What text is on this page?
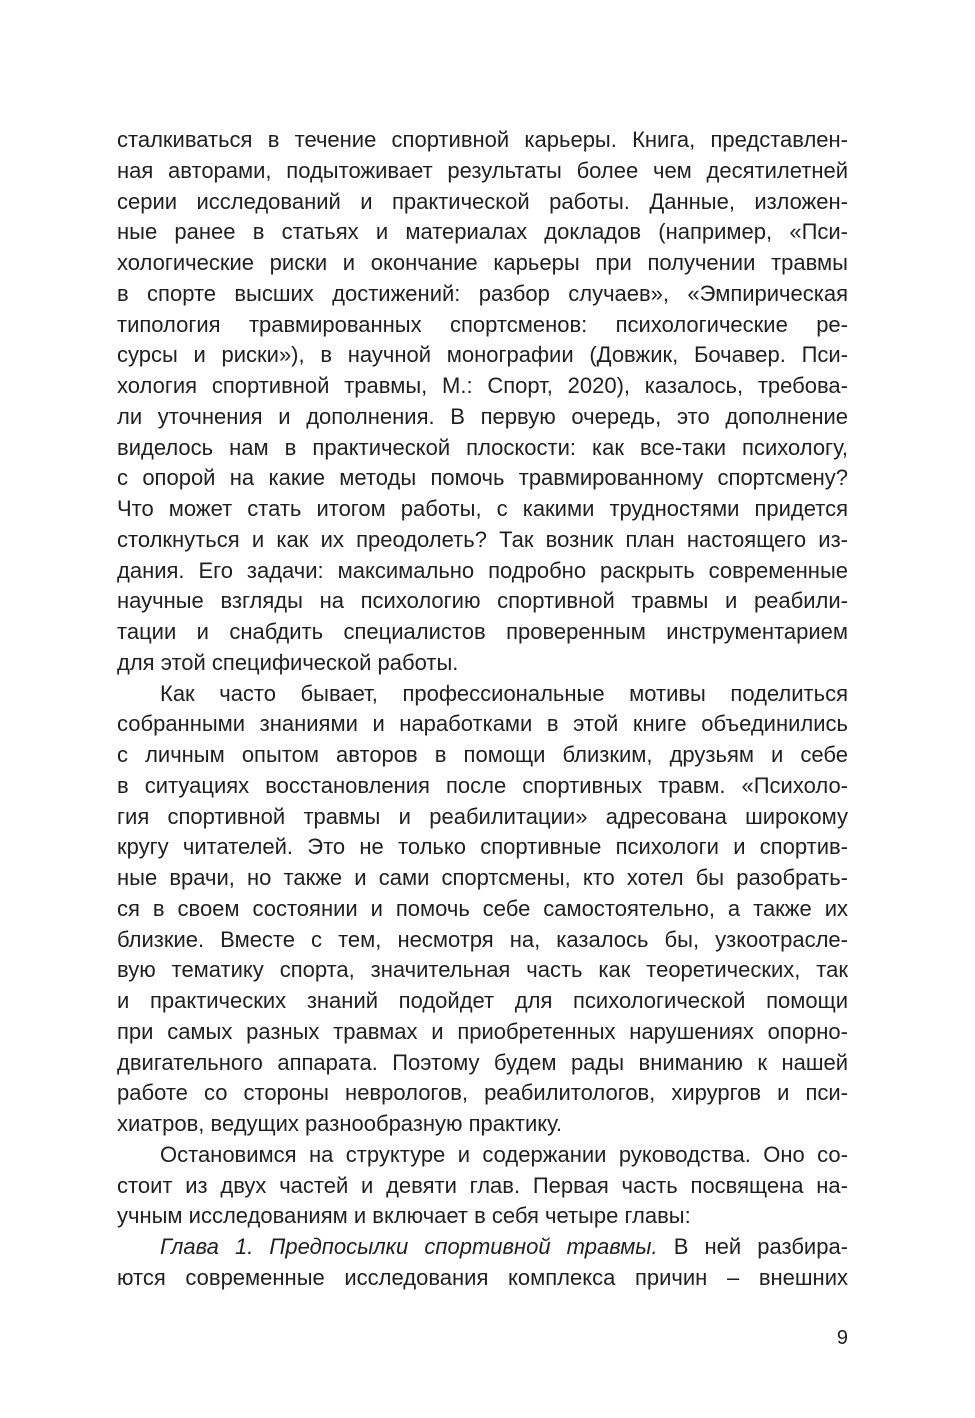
сталкиваться в течение спортивной карьеры. Книга, представлен-
ная авторами, подытоживает результаты более чем десятилетней
серии исследований и практической работы. Данные, изложен-
ные ранее в статьях и материалах докладов (например, «Пси-
хологические риски и окончание карьеры при получении травмы
в спорте высших достижений: разбор случаев», «Эмпирическая
типология травмированных спортсменов: психологические ре-
сурсы и риски»), в научной монографии (Довжик, Бочавер. Пси-
хология спортивной травмы, М.: Спорт, 2020), казалось, требова-
ли уточнения и дополнения. В первую очередь, это дополнение
виделось нам в практической плоскости: как все-таки психологу,
с опорой на какие методы помочь травмированному спортсмену?
Что может стать итогом работы, с какими трудностями придется
столкнуться и как их преодолеть? Так возник план настоящего из-
дания. Его задачи: максимально подробно раскрыть современные
научные взгляды на психологию спортивной травмы и реабили-
тации и снабдить специалистов проверенным инструментарием
для этой специфической работы.
Как часто бывает, профессиональные мотивы поделиться
собранными знаниями и наработками в этой книге объединились
с личным опытом авторов в помощи близким, друзьям и себе
в ситуациях восстановления после спортивных травм. «Психоло-
гия спортивной травмы и реабилитации» адресована широкому
кругу читателей. Это не только спортивные психологи и спортив-
ные врачи, но также и сами спортсмены, кто хотел бы разобрать-
ся в своем состоянии и помочь себе самостоятельно, а также их
близкие. Вместе с тем, несмотря на, казалось бы, узкоотрасле-
вую тематику спорта, значительная часть как теоретических, так
и практических знаний подойдет для психологической помощи
при самых разных травмах и приобретенных нарушениях опорно-
двигательного аппарата. Поэтому будем рады вниманию к нашей
работе со стороны неврологов, реабилитологов, хирургов и пси-
хиатров, ведущих разнообразную практику.
Остановимся на структуре и содержании руководства. Оно со-
стоит из двух частей и девяти глав. Первая часть посвящена на-
учным исследованиям и включает в себя четыре главы:
Глава 1. Предпосылки спортивной травмы. В ней разбира-
ются современные исследования комплекса причин – внешних
9
